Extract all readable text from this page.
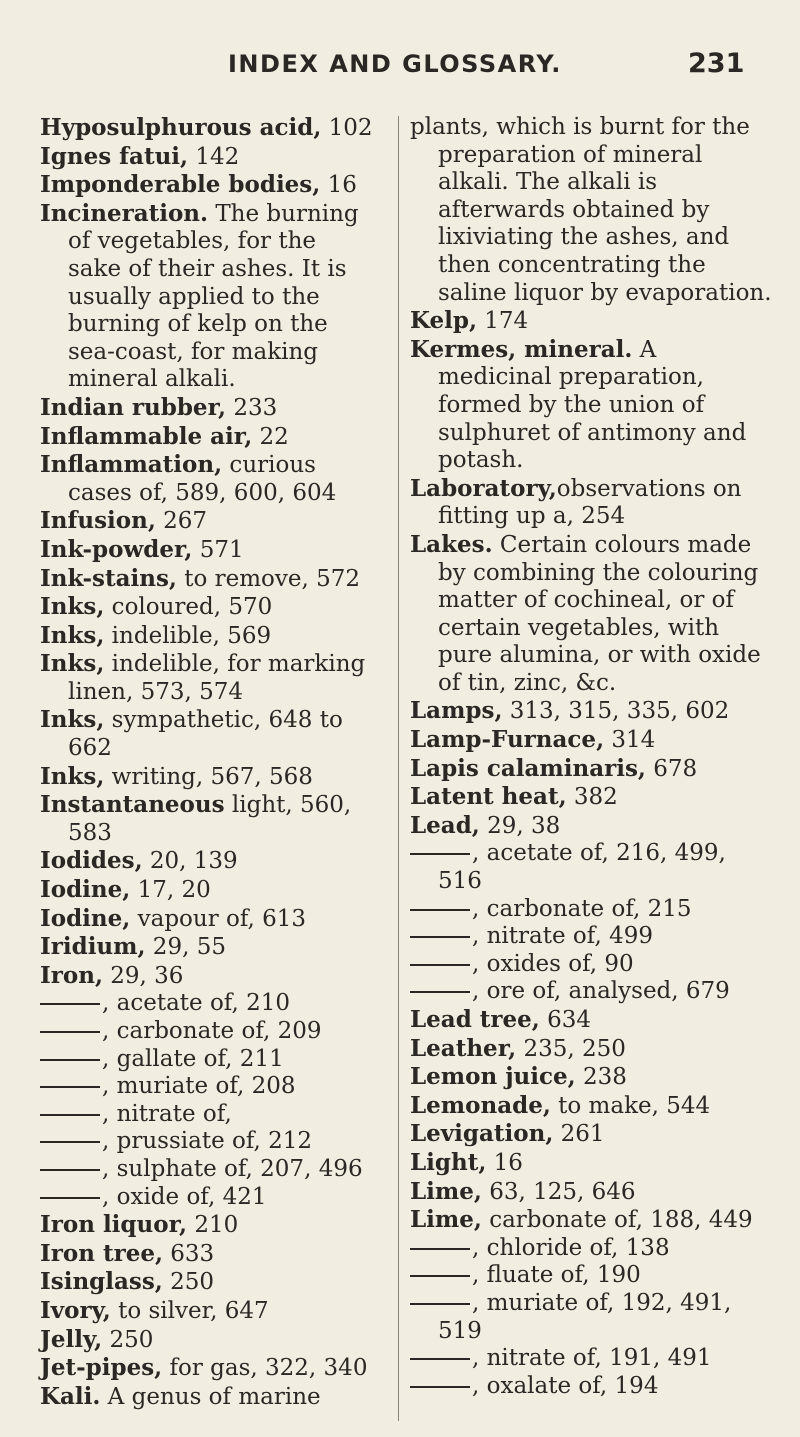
INDEX AND GLOSSARY.	231
Hyposulphurous acid, 102
Ignes fatui, 142
Imponderable bodies, 16
Incineration. The burning of vegetables, for the sake of their ashes. It is usually applied to the burning of kelp on the sea-coast, for making mineral alkali.
Indian rubber, 233
Inflammable air, 22
Inflammation, curious cases of, 589, 600, 604
Infusion, 267
Ink-powder, 571
Ink-stains, to remove, 572
Inks, coloured, 570
Inks, indelible, 569
Inks, indelible, for marking linen, 573, 574
Inks, sympathetic, 648 to 662
Inks, writing, 567, 568
Instantaneous light, 560, 583
Iodides, 20, 139
Iodine, 17, 20
Iodine, vapour of, 613
Iridium, 29, 55
Iron, 29, 36
, acetate of, 210
, carbonate of, 209
, gallate of, 211
, muriate of, 208
, nitrate of,
, prussiate of, 212
, sulphate of, 207, 496
, oxide of, 421
Iron liquor, 210
Iron tree, 633
Isinglass, 250
Ivory, to silver, 647
Jelly, 250
Jet-pipes, for gas, 322, 340
Kali. A genus of marine
plants, which is burnt for the preparation of mineral alkali. The alkali is afterwards obtained by lixiviating the ashes, and then concentrating the saline liquor by evaporation.
Kelp, 174
Kermes, mineral. A medicinal preparation, formed by the union of sulphuret of antimony and potash.
Laboratory,observations on fitting up a, 254
Lakes. Certain colours made by combining the colouring matter of cochineal, or of certain vegetables, with pure alumina, or with oxide of tin, zinc, &c.
Lamps, 313, 315, 335, 602
Lamp-Furnace, 314
Lapis calaminaris, 678
Latent heat, 382
Lead, 29, 38
, acetate of, 216, 499, 516
, carbonate of, 215
, nitrate of, 499
, oxides of, 90
, ore of, analysed, 679
Lead tree, 634
Leather, 235, 250
Lemon juice, 238
Lemonade, to make, 544
Levigation, 261
Light, 16
Lime, 63, 125, 646
Lime, carbonate of, 188, 449
, chloride of, 138
, fluate of, 190
, muriate of, 192, 491, 519
, nitrate of, 191, 491
, oxalate of, 194
